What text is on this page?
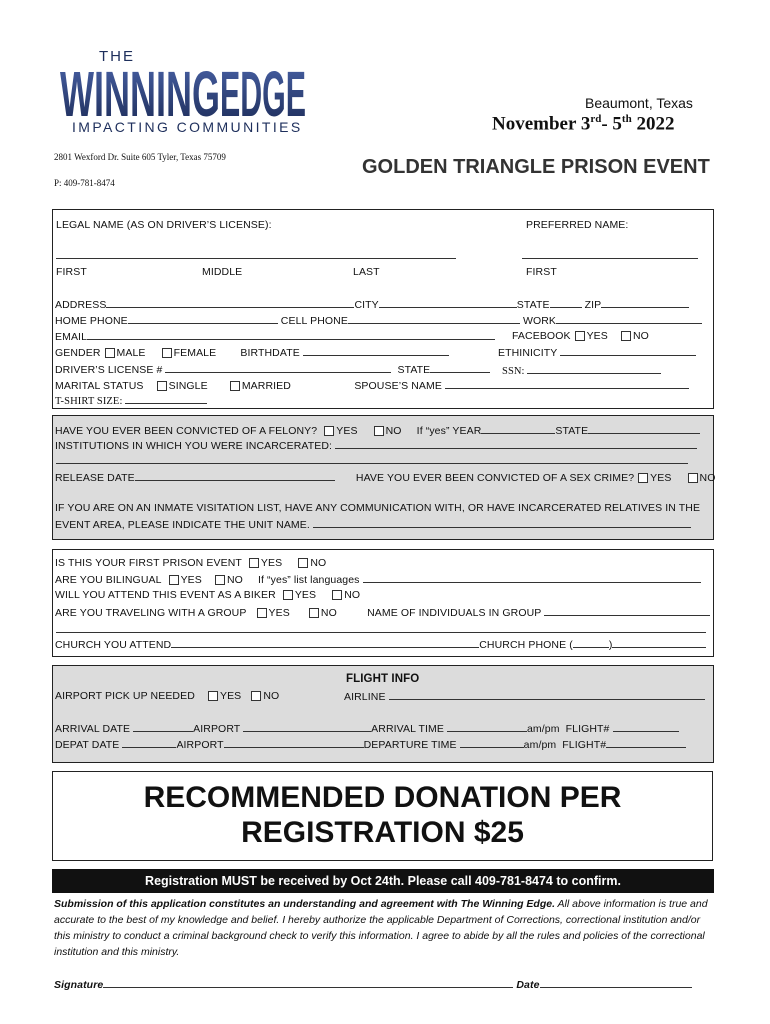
THE
WINNING EDGE
IMPACTING COMMUNITIES
2801 Wexford Dr. Suite 605 Tyler, Texas 75709
P: 409-781-8474
Beaumont, Texas
November 3rd- 5th 2022
GOLDEN TRIANGLE PRISON EVENT
LEGAL NAME (AS ON DRIVER’S LICENSE):	PREFERRED NAME:
FIRST	MIDDLE	LAST	FIRST
ADDRESS	CITY	STATE	ZIP
HOME PHONE	CELL PHONE	WORK
EMAIL	FACEBOOK YES NO
GENDER MALE	FEMALE BIRTHDATE	ETHINICITY
DRIVER’S LICENSE #	STATE	SSN:
MARITAL STATUS SINGLE	MARRIED	SPOUSE’S NAME
T-SHIRT SIZE:
HAVE YOU EVER BEEN CONVICTED OF A FELONY? YES	NO If “yes” YEAR	STATE
INSTITUTIONS IN WHICH YOU WERE INCARCERATED:
RELEASE DATE	HAVE YOU EVER BEEN CONVICTED OF A SEX CRIME? YES	NO
IF YOU ARE ON AN INMATE VISITATION LIST, HAVE ANY COMMUNICATION WITH, OR HAVE INCARCERATED RELATIVES IN THE
EVENT AREA, PLEASE INDICATE THE UNIT NAME.
IS THIS YOUR FIRST PRISON EVENT YES	NO
ARE YOU BILINGUAL YES NO If “yes” list languages
WILL YOU ATTEND THIS EVENT AS A BIKER YES	NO
ARE YOU TRAVELING WITH A GROUP YES	NO	NAME OF INDIVIDUALS IN GROUP
CHURCH YOU ATTEND	CHURCH PHONE (	)
FLIGHT INFO
AIRPORT PICK UP NEEDED YES NO	AIRLINE
ARRIVAL DATE	AIRPORT	ARRIVAL TIME	am/pm FLIGHT#
DEPAT DATE	AIRPORT	DEPARTURE TIME	am/pm FLIGHT#
RECOMMENDED DONATION PER
REGISTRATION $25
Registration MUST be received by Oct 24th. Please call 409-781-8474 to confirm.
Submission of this application constitutes an understanding and agreement with The Winning Edge. All above information is true and accurate to the best of my knowledge and belief. I hereby authorize the applicable Department of Corrections, correctional institution and/or this ministry to conduct a criminal background check to verify this information. I agree to abide by all the rules and policies of the correctional institution and this ministry.
Signature	Date
